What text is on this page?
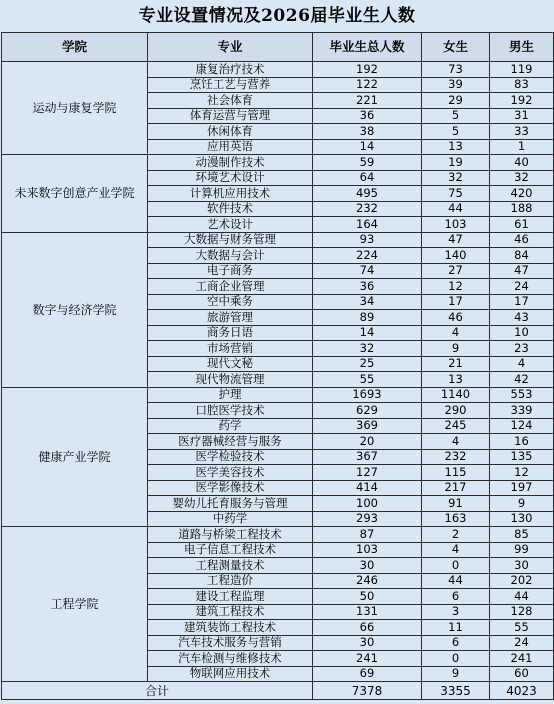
专业设置情况及2026届毕业生人数
学院	专业	毕业生总人数	女生	男生
运动与康复学院	康复治疗技术	192	73	119
	烹饪工艺与营养	122	39	83
	社会体育	221	29	192
	体育运营与管理	36	5	31
	休闲体育	38	5	33
	应用英语	14	13	1
未来数字创意产业学院	动漫制作技术	59	19	40
	环境艺术设计	64	32	32
	计算机应用技术	495	75	420
	软件技术	232	44	188
	艺术设计	164	103	61
数字与经济学院	大数据与财务管理	93	47	46
	大数据与会计	224	140	84
	电子商务	74	27	47
	工商企业管理	36	12	24
	空中乘务	34	17	17
	旅游管理	89	46	43
	商务日语	14	4	10
	市场营销	32	9	23
	现代文秘	25	21	4
	现代物流管理	55	13	42
健康产业学院	护理	1693	1140	553
	口腔医学技术	629	290	339
	药学	369	245	124
	医疗器械经营与服务	20	4	16
	医学检验技术	367	232	135
	医学美容技术	127	115	12
	医学影像技术	414	217	197
	婴幼儿托育服务与管理	100	91	9
	中药学	293	163	130
工程学院	道路与桥梁工程技术	87	2	85
	电子信息工程技术	103	4	99
	工程测量技术	30	0	30
	工程造价	246	44	202
	建设工程监理	50	6	44
	建筑工程技术	131	3	128
	建筑装饰工程技术	66	11	55
	汽车技术服务与营销	30	6	24
	汽车检测与维修技术	241	0	241
	物联网应用技术	69	9	60
合计		7378	3355	4023
